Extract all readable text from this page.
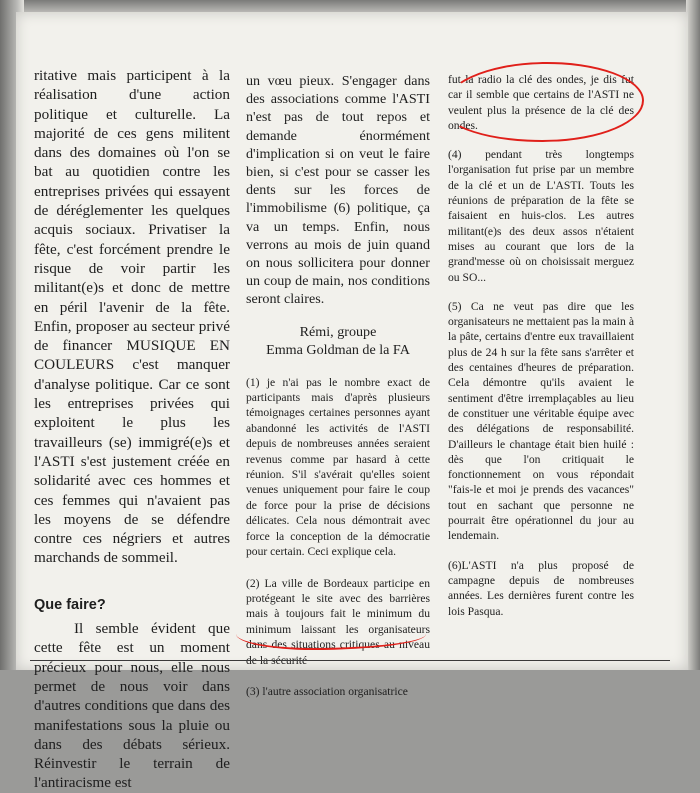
ritative mais participent à la réalisation d'une action politique et culturelle. La majorité de ces gens militent dans des domaines où l'on se bat au quotidien contre les entreprises privées qui essayent de déréglementer les quelques acquis sociaux. Privatiser la fête, c'est forcément prendre le risque de voir partir les militant(e)s et donc de mettre en péril l'avenir de la fête. Enfin, proposer au secteur privé de financer MUSIQUE EN COULEURS c'est manquer d'analyse politique. Car ce sont les entreprises privées qui exploitent le plus les travailleurs (se) immigré(e)s et l'ASTI s'est justement créée en solidarité avec ces hommes et ces femmes qui n'avaient pas les moyens de se défendre contre ces négriers et autres marchands de sommeil.

Que faire?

Il semble évident que cette fête est un moment précieux pour nous, elle nous permet de nous voir dans d'autres conditions que dans des manifestations sous la pluie ou dans des débats sérieux. Réinvestir le terrain de l'antiracisme est

un vœu pieux. S'engager dans des associations comme l'ASTI n'est pas de tout repos et demande énormément d'implication si on veut le faire bien, si c'est pour se casser les dents sur les forces de l'immobilisme (6) politique, ça va un temps. Enfin, nous verrons au mois de juin quand on nous sollicitera pour donner un coup de main, nos conditions seront claires.

Rémi, groupe
Emma Goldman de la FA

(1) je n'ai pas le nombre exact de participants mais d'après plusieurs témoignages certaines personnes ayant abandonné les activités de l'ASTI depuis de nombreuses années seraient revenus comme par hasard à cette réunion. S'il s'avérait qu'elles soient venues uniquement pour faire le coup de force pour la prise de décisions délicates. Cela nous démontrait avec force la conception de la démocratie pour certain. Ceci explique cela.

(2) La ville de Bordeaux participe en protégeant le site avec des barrières mais à toujours fait le minimum du minimum laissant les organisateurs dans des situations critiques au niveau de la sécurité

(3) l'autre association organisatrice

fut la radio la clé des ondes, je dis fut car il semble que certains de l'ASTI ne veulent plus la présence de la clé des ondes.

(4) pendant très longtemps l'organisation fut prise par un membre de la clé et un de L'ASTI. Touts les réunions de préparation de la fête se faisaient en huis-clos. Les autres militant(e)s des deux assos n'étaient mises au courant que lors de la grand'messe où on choisissait merguez ou SO...

(5) Ca ne veut pas dire que les organisateurs ne mettaient pas la main à la pâte, certains d'entre eux travaillaient plus de 24 h sur la fête sans s'arrêter et des centaines d'heures de préparation. Cela démontre qu'ils avaient le sentiment d'être irremplaçables au lieu de constituer une véritable équipe avec des délégations de responsabilité. D'ailleurs le chantage était bien huilé : dès que l'on critiquait le fonctionnement on vous répondait "fais-le et moi je prends des vacances" tout en sachant que personne ne pourrait être opérationnel du jour au lendemain.

(6)L'ASTI n'a plus proposé de campagne depuis de nombreuses années. Les dernières furent contre les lois Pasqua.
